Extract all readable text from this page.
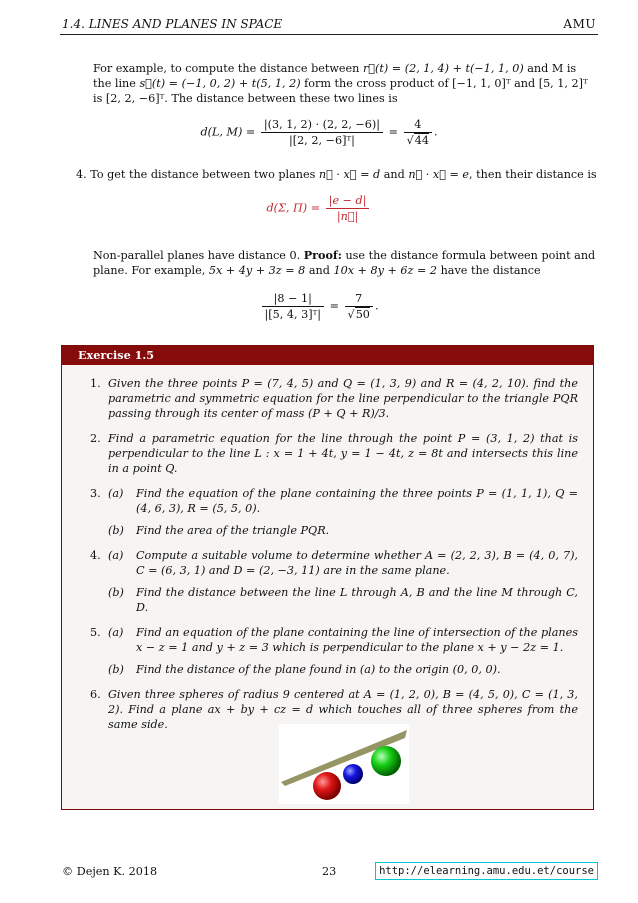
1.4. LINES AND PLANES IN SPACE	AMU
For example, to compute the distance between r⃗(t) = (2, 1, 4) + t(−1, 1, 0) and M is the line s⃗(t) = (−1, 0, 2) + t(5, 1, 2) form the cross product of [−1, 1, 0]ᵀ and [5, 1, 2]ᵀ is [2, 2, −6]ᵀ. The distance between these two lines is
d(L, $M) = \frac{|(3, 1, 2) \cdot (2, 2, -6)|}{\text{|[2, 2, −6]ᵀ|}} = \frac{4}{√44}$ .
4. To get the distance between two planes n⃗ · x⃗ = d and n⃗ · x⃗ = e, then their distance is
d(Σ, $\Pi) = \frac{|e - d|}{|n⃗|}$
Non-parallel planes have distance 0. Proof: use the distance formula between point and plane. For example, 5x + 4y + 3z = 8 and 10x + 8y + 6z = 2 have the distance
$\frac{|8 - 1|}{\text{|[5, 4, 3]ᵀ|}} = \frac{7}{√50}$ .
Exercise 1.5
1. Given the three points P = (7, 4, 5) and Q = (1, 3, 9) and R = (4, 2, 10). find the parametric and symmetric equation for the line perpendicular to the triangle PQR passing through its center of mass (P + Q + R)/3.
2. Find a parametric equation for the line through the point P = (3, 1, 2) that is perpendicular to the line L : x = 1 + 4t, y = 1 − 4t, z = 8t and intersects this line in a point Q.
3. (a) Find the equation of the plane containing the three points P = (1, 1, 1), Q = (4, 6, 3), R = (5, 5, 0).
(b) Find the area of the triangle PQR.
4. (a) Compute a suitable volume to determine whether A = (2, 2, 3), B = (4, 0, 7), C = (6, 3, 1) and D = (2, −3, 11) are in the same plane.
(b) Find the distance between the line L through A, B and the line M through C, D.
5. (a) Find an equation of the plane containing the line of intersection of the planes x − z = 1 and y + z = 3 which is perpendicular to the plane x + y − 2z = 1.
(b) Find the distance of the plane found in (a) to the origin (0, 0, 0).
6. Given three spheres of radius 9 centered at A = (1, 2, 0), B = (4, 5, 0), C = (1, 3, 2). Find a plane ax + by + cz = d which touches all of three spheres from the same side.
© Dejen K. 2018	23	http://elearning.amu.edu.et/course
